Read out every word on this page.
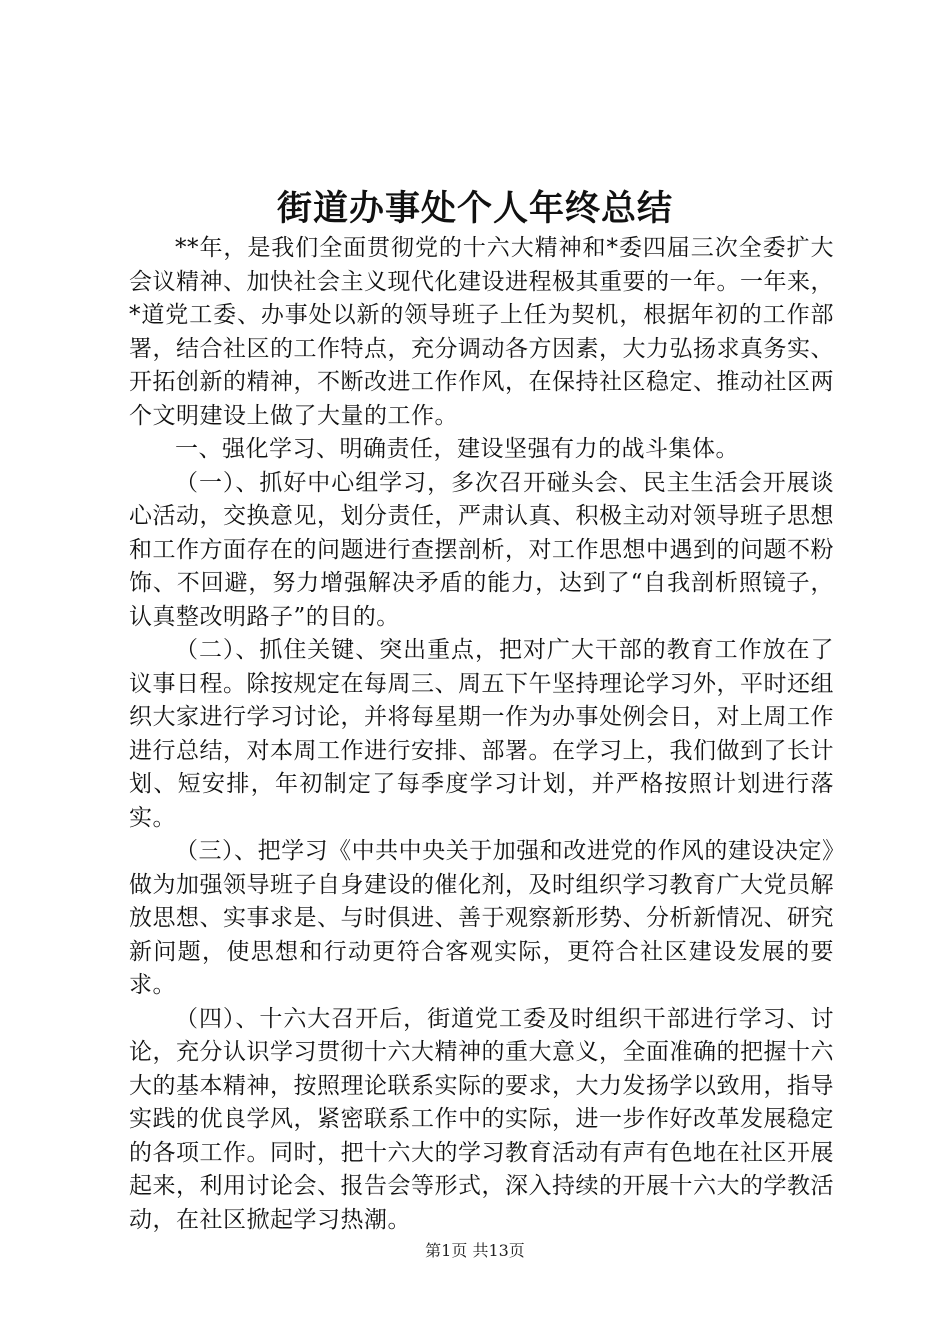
街道办事处个人年终总结

**年，是我们全面贯彻党的十六大精神和*委四届三次全委扩大会议精神、加快社会主义现代化建设进程极其重要的一年。一年来，*道党工委、办事处以新的领导班子上任为契机，根据年初的工作部署，结合社区的工作特点，充分调动各方因素，大力弘扬求真务实、开拓创新的精神，不断改进工作作风，在保持社区稳定、推动社区两个文明建设上做了大量的工作。

一、强化学习、明确责任，建设坚强有力的战斗集体。

（一）、抓好中心组学习，多次召开碰头会、民主生活会开展谈心活动，交换意见，划分责任，严肃认真、积极主动对领导班子思想和工作方面存在的问题进行查摆剖析，对工作思想中遇到的问题不粉饰、不回避，努力增强解决矛盾的能力，达到了“自我剖析照镜子，认真整改明路子”的目的。

（二）、抓住关键、突出重点，把对广大干部的教育工作放在了议事日程。除按规定在每周三、周五下午坚持理论学习外，平时还组织大家进行学习讨论，并将每星期一作为办事处例会日，对上周工作进行总结，对本周工作进行安排、部署。在学习上，我们做到了长计划、短安排，年初制定了每季度学习计划，并严格按照计划进行落实。

（三）、把学习《中共中央关于加强和改进党的作风的建设决定》做为加强领导班子自身建设的催化剂，及时组织学习教育广大党员解放思想、实事求是、与时俱进、善于观察新形势、分析新情况、研究新问题，使思想和行动更符合客观实际，更符合社区建设发展的要求。

（四）、十六大召开后，街道党工委及时组织干部进行学习、讨论，充分认识学习贯彻十六大精神的重大意义，全面准确的把握十六大的基本精神，按照理论联系实际的要求，大力发扬学以致用，指导实践的优良学风，紧密联系工作中的实际，进一步作好改革发展稳定的各项工作。同时，把十六大的学习教育活动有声有色地在社区开展起来，利用讨论会、报告会等形式，深入持续的开展十六大的学教活动，在社区掀起学习热潮。

第1页 共13页
